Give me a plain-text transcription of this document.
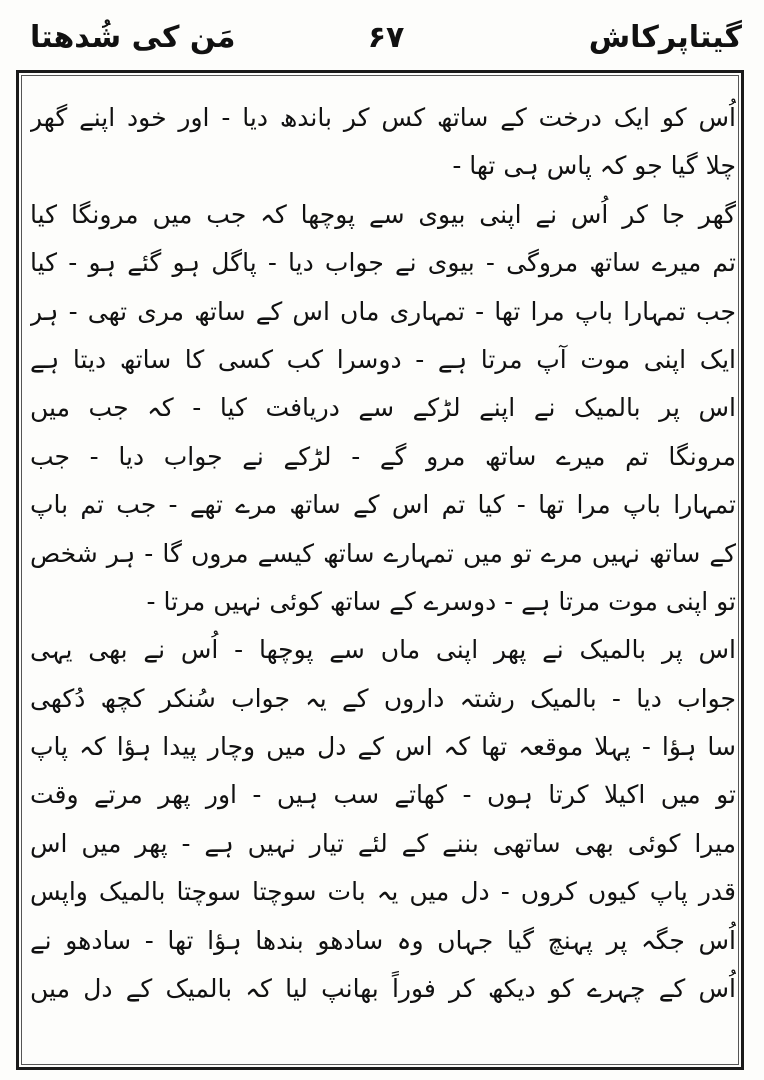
گیتاپرکاش
۶۷
مَن کی شُدھتا
اُس کو ایک درخت کے ساتھ کس کر باندھ دیا - اور خود اپنے گھر
چلا گیا جو کہ پاس ہی تھا -
گھر جا کر اُس نے اپنی بیوی سے پوچھا کہ جب میں مرونگا کیا
تم میرے ساتھ مروگی - بیوی نے جواب دیا - پاگل ہو گئے ہو - کیا
جب تمہارا باپ مرا تھا - تمہاری ماں اس کے ساتھ مری تھی - ہر
ایک اپنی موت آپ مرتا ہے - دوسرا کب کسی کا ساتھ دیتا ہے
اس پر بالمیک نے اپنے لڑکے سے دریافت کیا - کہ جب میں
مرونگا تم میرے ساتھ مرو گے - لڑکے نے جواب دیا - جب
تمہارا باپ مرا تھا - کیا تم اس کے ساتھ مرے تھے - جب تم باپ
کے ساتھ نہیں مرے تو میں تمہارے ساتھ کیسے مروں گا - ہر شخص
تو اپنی موت مرتا ہے - دوسرے کے ساتھ کوئی نہیں مرتا -
اس پر بالمیک نے پھر اپنی ماں سے پوچھا - اُس نے بھی یہی
جواب دیا - بالمیک رشتہ داروں کے یہ جواب سُنکر کچھ دُکھی
سا ہؤا - پہلا موقعہ تھا کہ اس کے دل میں وچار پیدا ہؤا کہ پاپ
تو میں اکیلا کرتا ہوں - کھاتے سب ہیں - اور پھر مرتے وقت
میرا کوئی بھی ساتھی بننے کے لئے تیار نہیں ہے - پھر میں اس
قدر پاپ کیوں کروں - دل میں یہ بات سوچتا سوچتا بالمیک واپس
اُس جگہ پر پہنچ گیا جہاں وہ سادھو بندھا ہؤا تھا - سادھو نے
اُس کے چہرے کو دیکھ کر فوراً بھانپ لیا کہ بالمیک کے دل میں
